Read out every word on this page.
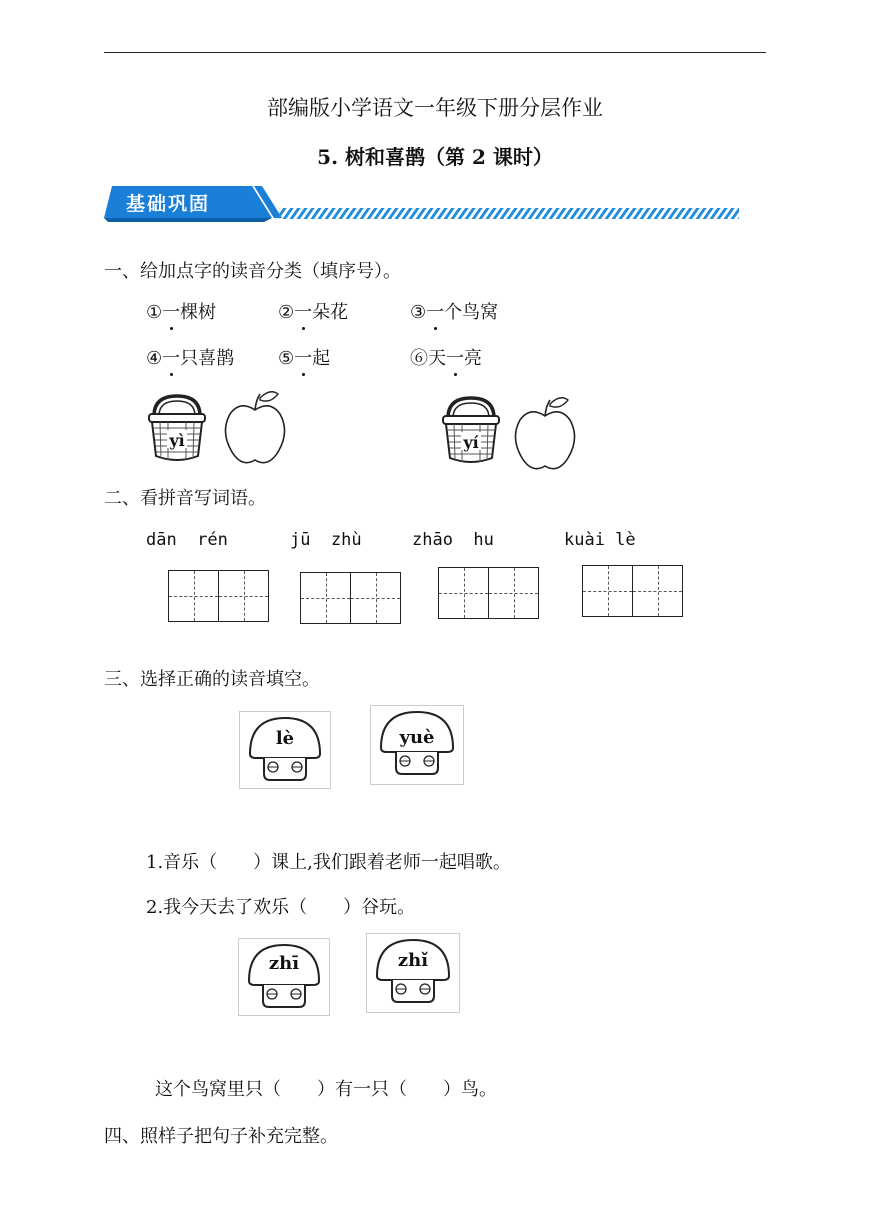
部编版小学语文一年级下册分层作业
5. 树和喜鹊（第 2 课时）
基础巩固
一、给加点字的读音分类（填序号）。
①一棵树	②一朵花	③一个鸟窝
④一只喜鹊 ⑤一起	⑥天一亮
yì	yí
二、看拼音写词语。
dān  rén	jū  zhù	zhāo  hu	kuài lè
三、选择正确的读音填空。
lè	yuè
1.音乐（　　）课上,我们跟着老师一起唱歌。
2.我今天去了欢乐（　　）谷玩。
zhī	zhǐ
这个鸟窝里只（　　）有一只（　　）鸟。
四、照样子把句子补充完整。
